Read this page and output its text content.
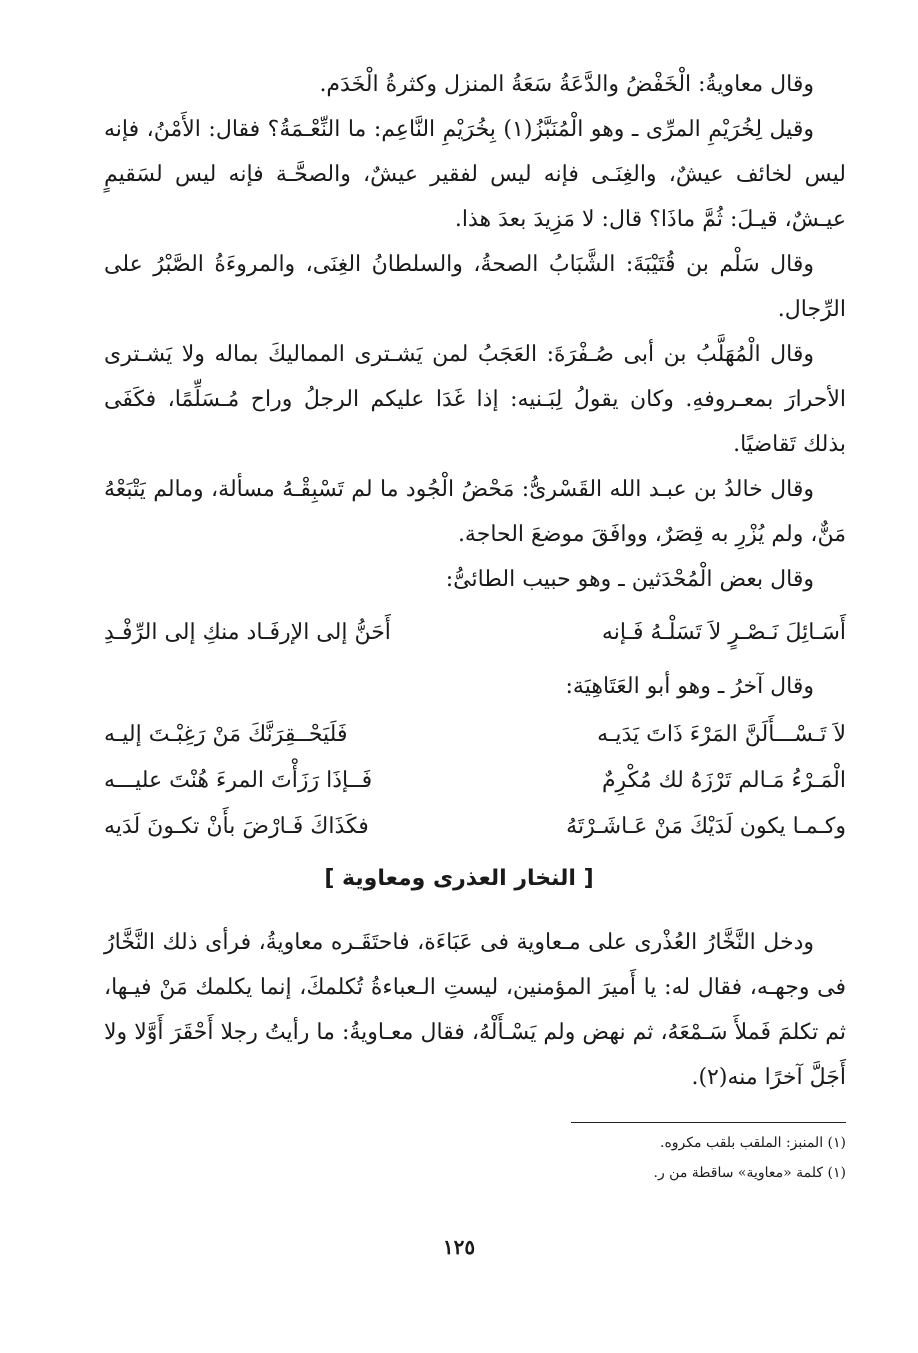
وقال معاويةُ: الْخَفْضُ والدَّعَةُ سَعَةُ المنزل وكثرةُ الْخَدَم.

وقيل لِخُرَيْمِ المرِّى ـ وهو الْمُنَبَّزُ(١) بِخُرَيْمِ النَّاعِم: ما النِّعْـمَةُ؟ فقال: الأَمْنُ، فإنه ليس لخائف عيشٌ، والغِنَـى فإنه ليس لفقير عيشٌ، والصحَّـة فإنه ليس لسَقيمٍ عيـشٌ، قيـلَ: ثُمَّ ماذَا؟ قال: لا مَزِيدَ بعدَ هذا.

وقال سَلْم بن قُتَيْبَةَ: الشَّبَابُ الصحةُ، والسلطانُ الغِنَى، والمروءَةُ الصَّبْرُ على الرِّجال.

وقال الْمُهَلَّبُ بن أبى صُـفْرَةَ: العَجَبُ لمن يَشـترى المماليكَ بماله ولا يَشـترى الأحرارَ بمعـروفهِ. وكان يقولُ لِبَـنيه: إذا غَدَا عليكم الرجلُ وراح مُـسَلِّمًا، فكَفَى بذلك تَقاضيًا.

وقال خالدُ بن عبـد الله القَسْرىُّ: مَحْضُ الْجُود ما لم تَسْبِقْـهُ مسألة، ومالم يَتْبَعْهُ مَنٌّ، ولم يُزْرِ به قِصَرٌ، ووافَقَ موضعَ الحاجة.

وقال بعض الْمُحْدَثين ـ وهو حبيب الطائىُّ:

أَسَـائِلَ نَـصْـرٍ لاَ تَسَلْـهُ فَـإنه
أَحَنُّ إلى الإرفَـاد منكِ إلى الرِّفْـدِ

وقال آخرُ ـ وهو أبو العَتَاهِيَة:

لاَ تَـسْـــأَلَنَّ المَرْءَ ذَاتَ يَدَيـه
فَلَيَحْــقِرَنَّكَ مَنْ رَغِبْـتَ إليـه
الْمَـرْءُ مَـالم تَرْزَهُ لك مُكْرِمٌ
فَــإذَا رَزَأْتَ المرءَ هُنْتَ عليـــه
وكـمـا يكون لَدَيْكَ مَنْ عَـاشَـرْتَهُ
فكَذَاكَ فَـارْضَ بأَنْ تكـونَ لَدَيه
[ النخار العذرى ومعاوية ]

ودخل النَّخَّارُ العُذْرى على مـعاوية فى عَبَاءَة، فاحتَقَـره معاويةُ، فرأى ذلك النَّخَّارُ فى وجهـه، فقال له: يا أَميرَ المؤمنين، ليستِ الـعباءةُ تُكلمكَ، إنما يكلمك مَنْ فيـها، ثم تكلمَ فَملأَ سَـمْعَهُ، ثم نهض ولم يَسْـأَلْهُ، فقال معـاويةُ: ما رأيتُ رجلا أَحْقَرَ أَوَّلا ولا أَجَلَّ آخرًا منه(٢).

(١) المنبز: الملقب بلقب مكروه.

(١) كلمة «معاوية» ساقطة من ر.

١٢٥
